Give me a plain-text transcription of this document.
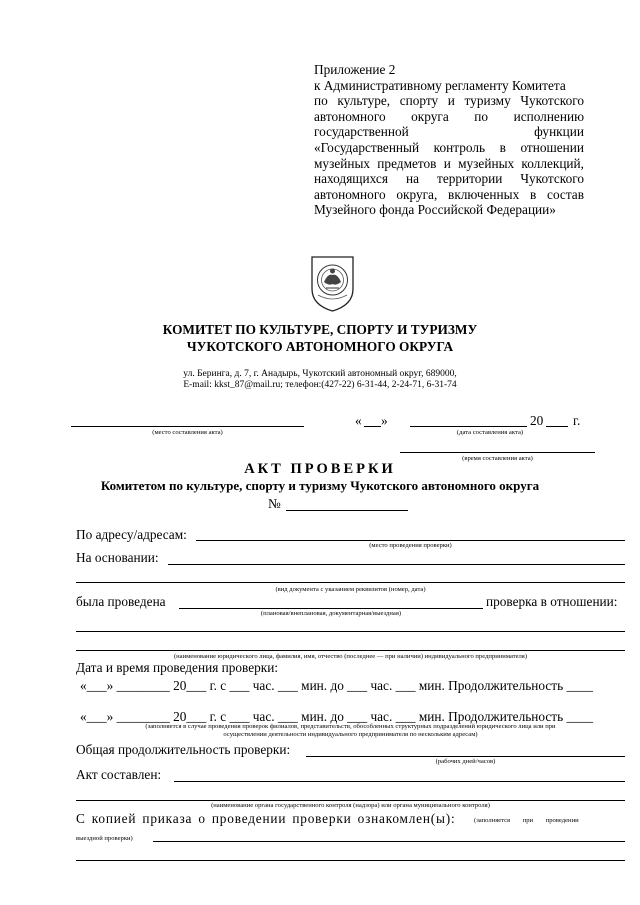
Приложение 2
к Административному регламенту Комитета
по культуре, спорту и туризму Чукотского
автономного округа по исполнению
государственной функции
«Государственный контроль в отношении
музейных предметов и музейных коллекций,
находящихся на территории Чукотского
автономного округа, включенных в состав
Музейного фонда Российской Федерации»
КОМИТЕТ ПО КУЛЬТУРЕ, СПОРТУ И ТУРИЗМУ
ЧУКОТСКОГО АВТОНОМНОГО ОКРУГА
ул. Беринга, д. 7, г. Анадырь, Чукотский автономный округ, 689000,
E-mail: kkst_87@mail.ru; телефон:(427-22) 6-31-44, 2-24-71, 6-31-74
(место составления акта)
« »	20 г.
(дата составления акта)
(время составления акта)
АКТ ПРОВЕРКИ
Комитетом по культуре, спорту и туризму Чукотского автономного округа
№
По адресу/адресам:
(место проведения проверки)
На основании:
(вид документа с указанием реквизитов (номер, дата)
была проведена	проверка в отношении:
(плановая/внеплановая, документарная/выездная)
(наименование юридического лица, фамилия, имя, отчество (последнее — при наличии) индивидуального предпринимателя)
Дата и время проведения проверки:
«___» ________ 20___ г. с ___ час. ___ мин. до ___ час. ___ мин. Продолжительность ____
«___» ________ 20___ г. с ___ час. ___ мин. до ___ час. ___ мин. Продолжительность ____
(заполняется в случае проведения проверок филиалов, представительств, обособленных структурных подразделений юридического лица или при
осуществлении деятельности индивидуального предпринимателя по нескольким адресам)
Общая продолжительность проверки:
(рабочих дней/часов)
Акт составлен:
(наименование органа государственного контроля (надзора) или органа муниципального контроля)
С копией приказа о проведении проверки ознакомлен(ы):	(заполняется при проведении
выездной проверки)
